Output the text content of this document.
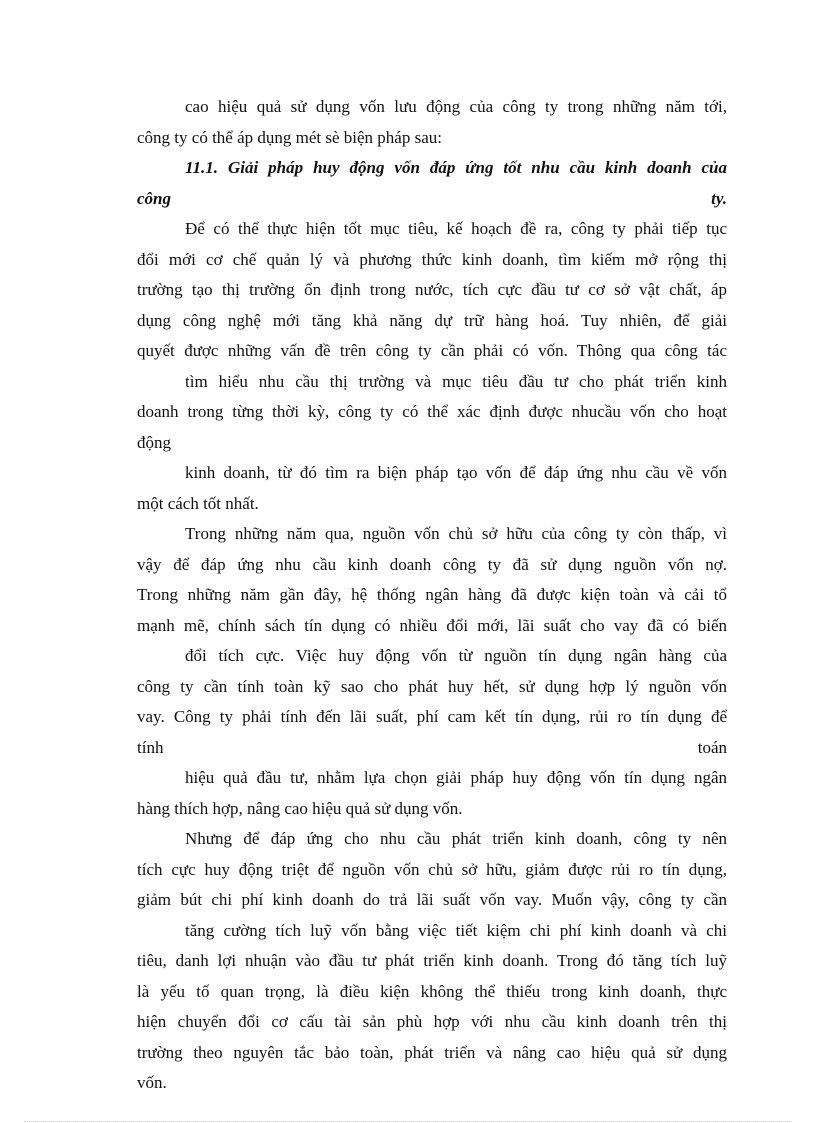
cao hiệu quả sử dụng vốn lưu động của công ty trong những năm tới,
công ty có thể áp dụng mét sè biện pháp sau:
11.1. Giải pháp huy động vốn đáp ứng tốt nhu cầu kinh doanh của
công	ty.
Để có thể thực hiện tốt mục tiêu, kế hoạch đề ra, công ty phải tiếp tục
đổi mới cơ chế quản lý và phương thức kinh doanh, tìm kiếm mở rộng thị
trường tạo thị trường ổn định trong nước, tích cực đầu tư cơ sở vật chất, áp
dụng công nghệ mới tăng khả năng dự trữ hàng hoá. Tuy nhiên, để giải
quyết được những vấn đề trên công ty cần phải có vốn. Thông qua công tác
tìm hiểu nhu cầu thị trường và mục tiêu đầu tư cho phát triển kinh
doanh trong từng thời kỳ, công ty có thể xác định được nhucầu vốn cho hoạt
động
kinh doanh, từ đó tìm ra biện pháp tạo vốn để đáp ứng nhu cầu về vốn
một cách tốt nhất.
Trong những năm qua, nguồn vốn chủ sở hữu của công ty còn thấp, vì
vậy để đáp ứng nhu cầu kinh doanh công ty đã sử dụng nguồn vốn nợ.
Trong những năm gần đây, hệ thống ngân hàng đã được kiện toàn và cải tổ
mạnh mẽ, chính sách tín dụng có nhiều đổi mới, lãi suất cho vay đã có biến
đổi tích cực. Việc huy động vốn từ nguồn tín dụng ngân hàng của
công ty cần tính toàn kỹ sao cho phát huy hết, sử dụng hợp lý nguồn vốn
vay. Công ty phải tính đến lãi suất, phí cam kết tín dụng, rủi ro tín dụng để
tính	toán
hiệu quả đầu tư, nhằm lựa chọn giải pháp huy động vốn tín dụng ngân
hàng thích hợp, nâng cao hiệu quả sử dụng vốn.
Nhưng để đáp ứng cho nhu cầu phát triển kinh doanh, công ty nên
tích cực huy động triệt để nguồn vốn chủ sở hữu, giảm được rủi ro tín dụng,
giảm bút chi phí kinh doanh do trả lãi suất vốn vay. Muốn vậy, công ty cần
tăng cường tích luỹ vốn bằng việc tiết kiệm chi phí kinh doanh và chi
tiêu, danh lợi nhuận vào đầu tư phát triển kinh doanh. Trong đó tăng tích luỹ
là yếu tố quan trọng, là điều kiện không thể thiếu trong kinh doanh, thực
hiện chuyển đổi cơ cấu tài sản phù hợp với nhu cầu kinh doanh trên thị
trường theo nguyên tắc bảo toàn, phát triển và nâng cao hiệu quả sử dụng
vốn.
